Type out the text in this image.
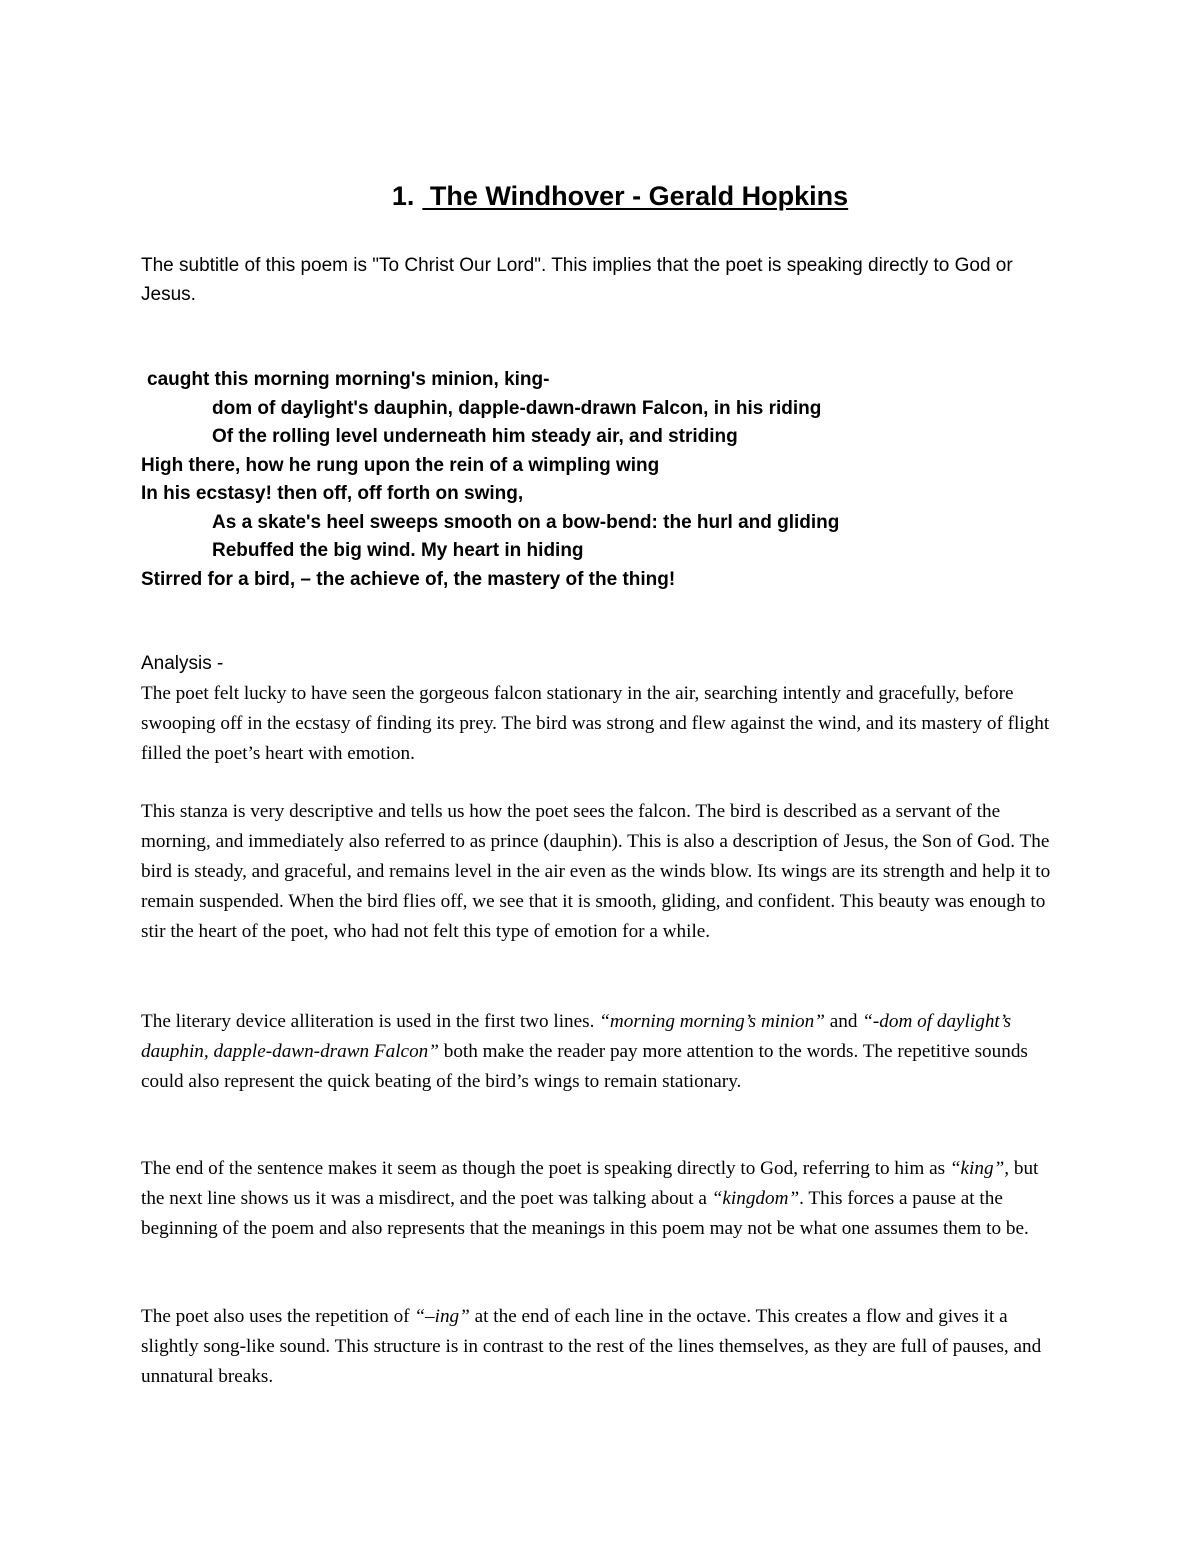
1. The Windhover - Gerald Hopkins

The subtitle of this poem is "To Christ Our Lord". This implies that the poet is speaking directly to God or Jesus.

caught this morning morning's minion, king-
dom of daylight's dauphin, dapple-dawn-drawn Falcon, in his riding
Of the rolling level underneath him steady air, and striding
High there, how he rung upon the rein of a wimpling wing
In his ecstasy! then off, off forth on swing,
As a skate's heel sweeps smooth on a bow-bend: the hurl and gliding
Rebuffed the big wind. My heart in hiding
Stirred for a bird, – the achieve of, the mastery of the thing!

Analysis -

The poet felt lucky to have seen the gorgeous falcon stationary in the air, searching intently and gracefully, before swooping off in the ecstasy of finding its prey. The bird was strong and flew against the wind, and its mastery of flight filled the poet’s heart with emotion.

This stanza is very descriptive and tells us how the poet sees the falcon. The bird is described as a servant of the morning, and immediately also referred to as prince (dauphin). This is also a description of Jesus, the Son of God. The bird is steady, and graceful, and remains level in the air even as the winds blow. Its wings are its strength and help it to remain suspended. When the bird flies off, we see that it is smooth, gliding, and confident. This beauty was enough to stir the heart of the poet, who had not felt this type of emotion for a while.

The literary device alliteration is used in the first two lines. “morning morning’s minion” and “-dom of daylight’s dauphin, dapple-dawn-drawn Falcon” both make the reader pay more attention to the words. The repetitive sounds could also represent the quick beating of the bird’s wings to remain stationary.

The end of the sentence makes it seem as though the poet is speaking directly to God, referring to him as “king”, but the next line shows us it was a misdirect, and the poet was talking about a “kingdom”. This forces a pause at the beginning of the poem and also represents that the meanings in this poem may not be what one assumes them to be.

The poet also uses the repetition of “–ing” at the end of each line in the octave. This creates a flow and gives it a slightly song-like sound. This structure is in contrast to the rest of the lines themselves, as they are full of pauses, and unnatural breaks.
